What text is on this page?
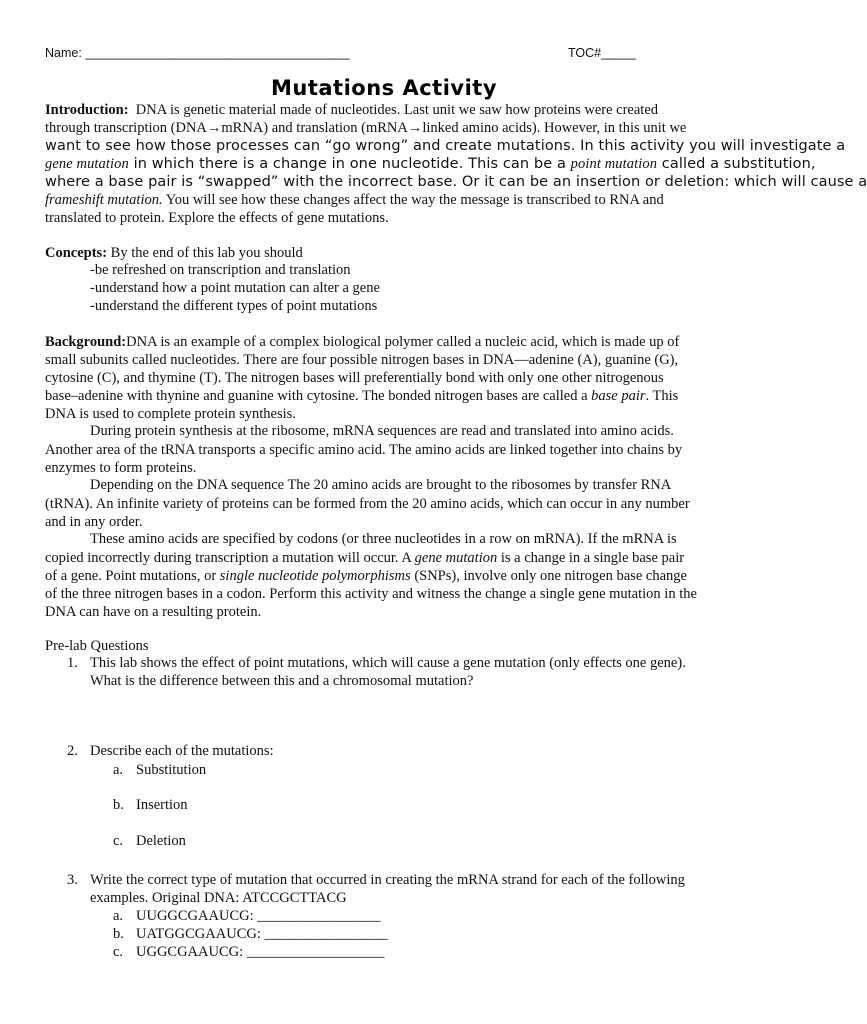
Name: ______________________________________	TOC#_____
Mutations Activity
Introduction: DNA is genetic material made of nucleotides. Last unit we saw how proteins were created
through transcription (DNA→mRNA) and translation (mRNA→linked amino acids). However, in this unit we
want to see how those processes can “go wrong” and create mutations. In this activity you will investigate a
gene mutation in which there is a change in one nucleotide. This can be a point mutation called a substitution,
where a base pair is “swapped” with the incorrect base. Or it can be an insertion or deletion: which will cause a
frameshift mutation. You will see how these changes affect the way the message is transcribed to RNA and
translated to protein. Explore the effects of gene mutations.
Concepts: By the end of this lab you should
-be refreshed on transcription and translation
-understand how a point mutation can alter a gene
-understand the different types of point mutations
Background:DNA is an example of a complex biological polymer called a nucleic acid, which is made up of
small subunits called nucleotides. There are four possible nitrogen bases in DNA—adenine (A), guanine (G),
cytosine (C), and thymine (T). The nitrogen bases will preferentially bond with only one other nitrogenous
base–adenine with thynine and guanine with cytosine. The bonded nitrogen bases are called a base pair. This
DNA is used to complete protein synthesis.
During protein synthesis at the ribosome, mRNA sequences are read and translated into amino acids.
Another area of the tRNA transports a specific amino acid. The amino acids are linked together into chains by
enzymes to form proteins.
Depending on the DNA sequence The 20 amino acids are brought to the ribosomes by transfer RNA
(tRNA). An infinite variety of proteins can be formed from the 20 amino acids, which can occur in any number
and in any order.
These amino acids are specified by codons (or three nucleotides in a row on mRNA). If the mRNA is
copied incorrectly during transcription a mutation will occur. A gene mutation is a change in a single base pair
of a gene. Point mutations, or single nucleotide polymorphisms (SNPs), involve only one nitrogen base change
of the three nitrogen bases in a codon. Perform this activity and witness the change a single gene mutation in the
DNA can have on a resulting protein.
Pre-lab Questions
1. This lab shows the effect of point mutations, which will cause a gene mutation (only effects one gene).
What is the difference between this and a chromosomal mutation?
2. Describe each of the mutations:
a. Substitution
b. Insertion
c. Deletion
3. Write the correct type of mutation that occurred in creating the mRNA strand for each of the following
examples. Original DNA: ATCCGCTTACG
a. UUGGCGAAUCG: _________________
b. UATGGCGAAUCG: _________________
c. UGGCGAAUCG: ___________________
